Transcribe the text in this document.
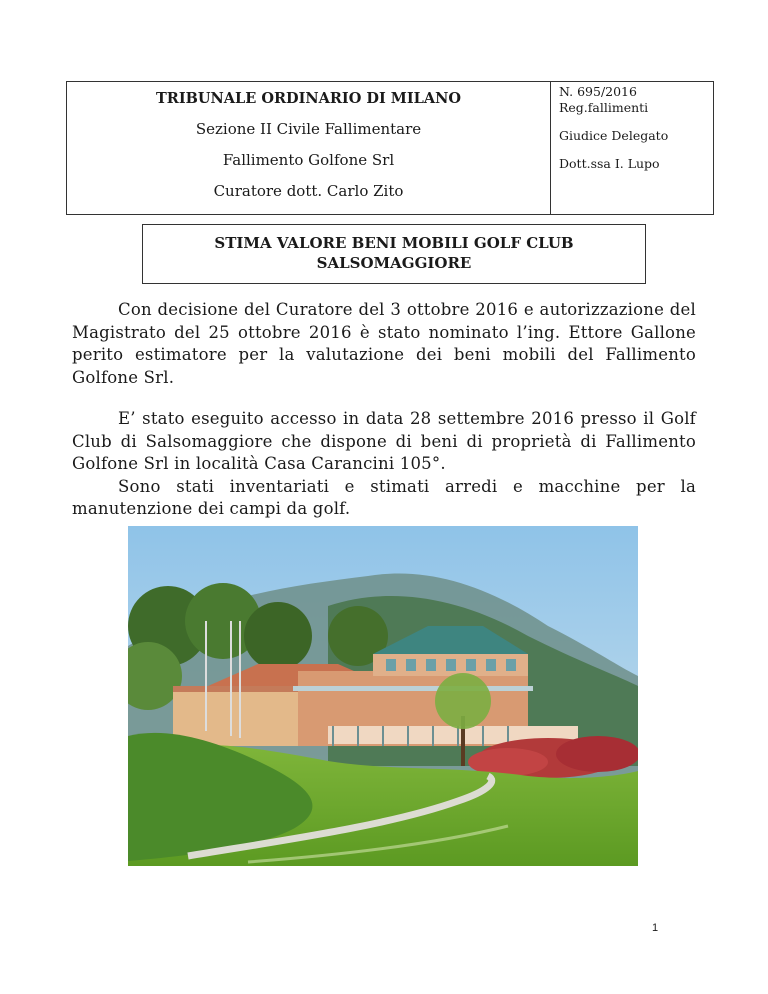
TRIBUNALE ORDINARIO DI MILANO
Sezione II Civile Fallimentare
Fallimento Golfone Srl
Curatore dott. Carlo Zito
N. 695/2016
Reg.fallimenti
Giudice Delegato
Dott.ssa I. Lupo
STIMA VALORE BENI MOBILI GOLF CLUB
SALSOMAGGIORE

Con decisione del Curatore del 3 ottobre 2016 e autorizzazione del Magistrato del 25 ottobre 2016 è stato nominato l’ing. Ettore Gallone perito estimatore per la valutazione dei beni mobili del Fallimento Golfone Srl.

E’ stato eseguito accesso in data 28 settembre 2016 presso il Golf Club di Salsomaggiore che dispone di beni di proprietà di Fallimento Golfone Srl in località Casa Carancini 105°.

Sono stati inventariati e stimati arredi e macchine per la manutenzione dei campi da golf.

1
